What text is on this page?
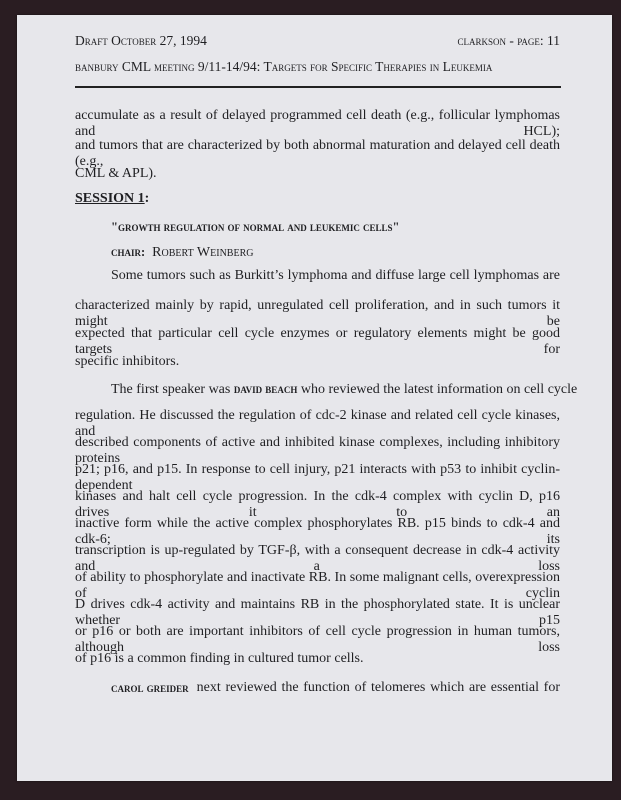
Draft October 27, 1994	clarkson - page: 11
banbury CML meeting 9/11-14/94: Targets for Specific Therapies in Leukemia
accumulate as a result of delayed programmed cell death (e.g., follicular lymphomas and HCL);
and tumors that are characterized by both abnormal maturation and delayed cell death (e.g.,
CML & APL).
SESSION 1:
"growth regulation of normal and leukemic cells"
chair: Robert Weinberg
Some tumors such as Burkitt’s lymphoma and diffuse large cell lymphomas are
characterized mainly by rapid, unregulated cell proliferation, and in such tumors it might be
expected that particular cell cycle enzymes or regulatory elements might be good targets for
specific inhibitors.
The first speaker was david beach who reviewed the latest information on cell cycle
regulation. He discussed the regulation of cdc-2 kinase and related cell cycle kinases, and
described components of active and inhibited kinase complexes, including inhibitory proteins
p21; p16, and p15. In response to cell injury, p21 interacts with p53 to inhibit cyclin-dependent
kinases and halt cell cycle progression. In the cdk-4 complex with cyclin D, p16 drives it to an
inactive form while the active complex phosphorylates RB. p15 binds to cdk-4 and cdk-6; its
transcription is up-regulated by TGF-β, with a consequent decrease in cdk-4 activity and a loss
of ability to phosphorylate and inactivate RB. In some malignant cells, overexpression of cyclin
D drives cdk-4 activity and maintains RB in the phosphorylated state. It is unclear whether p15
or p16 or both are important inhibitors of cell cycle progression in human tumors, although loss
of p16 is a common finding in cultured tumor cells.
carol greider next reviewed the function of telomeres which are essential for
